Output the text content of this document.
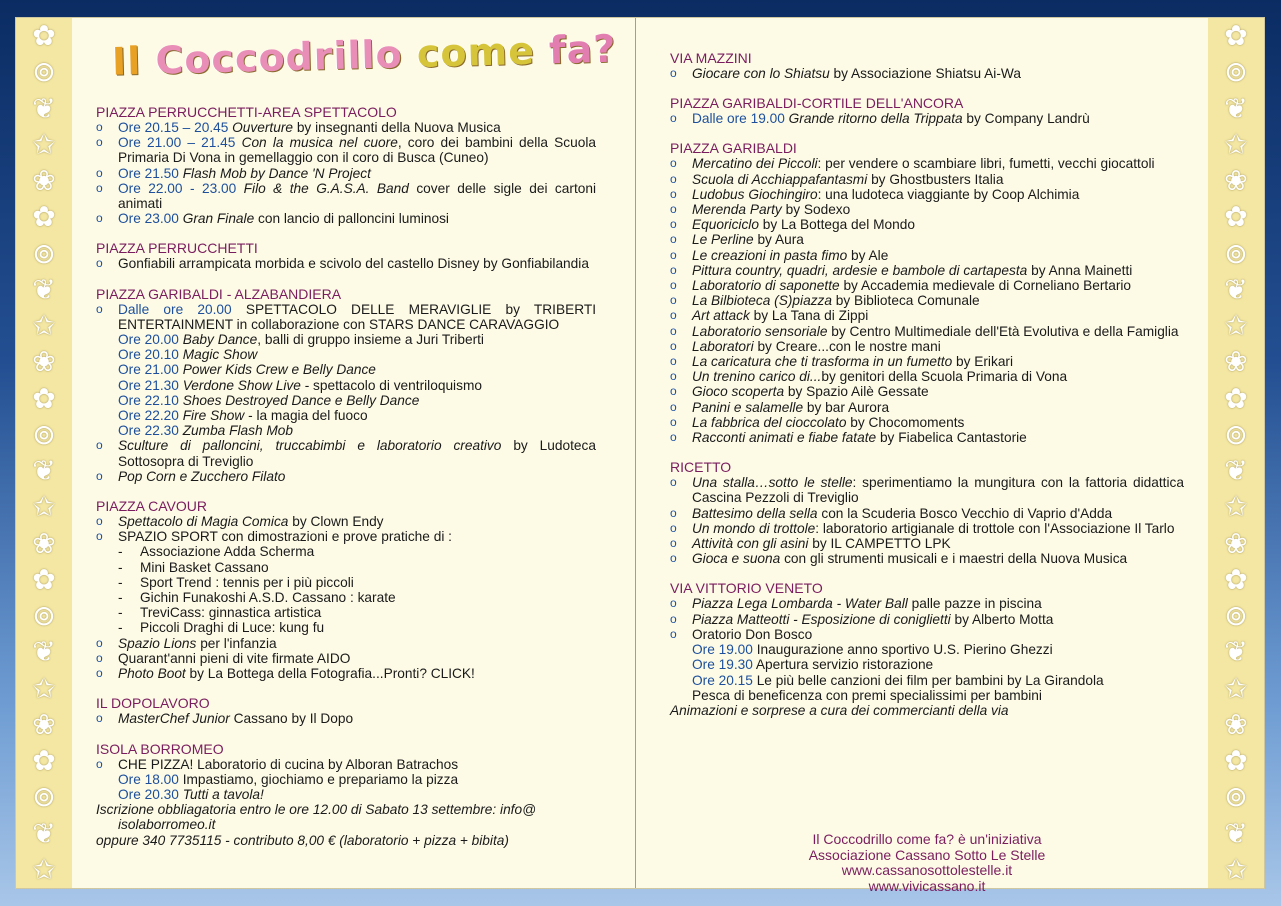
✿
⊚
❦
✩
❀
✿
⊚
❦
✩
❀
✿
⊚
❦
✩
❀
✿
⊚
❦
✩
❀
✿
⊚
❦
✩
✿
⊚
❦
✩
❀
✿
⊚
❦
✩
❀
✿
⊚
❦
✩
❀
✿
⊚
❦
✩
❀
✿
⊚
❦
✩
Il Coccodrillo come fa?
PIAZZA PERRUCCHETTI-AREA SPETTACOLO
o Ore 20.15 – 20.45 Ouverture by insegnanti della Nuova Musica
o Ore 21.00 – 21.45 Con la musica nel cuore, coro dei bambini della Scuola Primaria Di Vona in gemellaggio con il coro di Busca (Cuneo)
o Ore 21.50 Flash Mob by Dance 'N Project
o Ore 22.00 - 23.00 Filo & the G.A.S.A. Band cover delle sigle dei cartoni animati
o Ore 23.00 Gran Finale con lancio di palloncini luminosi
PIAZZA PERRUCCHETTI
o Gonfiabili arrampicata morbida e scivolo del castello Disney by Gonfiabilandia
PIAZZA GARIBALDI - ALZABANDIERA
o Dalle ore 20.00 SPETTACOLO DELLE MERAVIGLIE by TRIBERTI ENTERTAINMENT in collaborazione con STARS DANCE CARAVAGGIO
Ore 20.00 Baby Dance, balli di gruppo insieme a Juri Triberti
Ore 20.10 Magic Show
Ore 21.00 Power Kids Crew e Belly Dance
Ore 21.30 Verdone Show Live - spettacolo di ventriloquismo
Ore 22.10 Shoes Destroyed Dance e Belly Dance
Ore 22.20 Fire Show - la magia del fuoco
Ore 22.30 Zumba Flash Mob
o Sculture di palloncini, truccabimbi e laboratorio creativo by Ludoteca Sottosopra di Treviglio
o Pop Corn e Zucchero Filato
PIAZZA CAVOUR
o Spettacolo di Magia Comica by Clown Endy
o SPAZIO SPORT con dimostrazioni e prove pratiche di :
- Associazione Adda Scherma
- Mini Basket Cassano
- Sport Trend : tennis per i più piccoli
- Gichin Funakoshi A.S.D. Cassano : karate
- TreviCass: ginnastica artistica
- Piccoli Draghi di Luce: kung fu
o Spazio Lions per l'infanzia
o Quarant'anni pieni di vite firmate AIDO
o Photo Boot by La Bottega della Fotografia...Pronti? CLICK!
IL DOPOLAVORO
o MasterChef Junior Cassano by Il Dopo
ISOLA BORROMEO
o CHE PIZZA! Laboratorio di cucina by Alboran Batrachos
Ore 18.00 Impastiamo, giochiamo e prepariamo la pizza
Ore 20.30 Tutti a tavola!
Iscrizione obbliagatoria entro le ore 12.00 di Sabato 13 settembre: info@
isolaborromeo.it
oppure 340 7735115 - contributo 8,00 € (laboratorio + pizza + bibita)
VIA MAZZINI
o Giocare con lo Shiatsu by Associazione Shiatsu Ai-Wa
PIAZZA GARIBALDI-CORTILE DELL'ANCORA
o Dalle ore 19.00 Grande ritorno della Trippata by Company Landrù
PIAZZA GARIBALDI
o Mercatino dei Piccoli: per vendere o scambiare libri, fumetti, vecchi giocattoli
o Scuola di Acchiappafantasmi by Ghostbusters Italia
o Ludobus Giochingiro: una ludoteca viaggiante by Coop Alchimia
o Merenda Party by Sodexo
o Equoriciclo by La Bottega del Mondo
o Le Perline by Aura
o Le creazioni in pasta fimo by Ale
o Pittura country, quadri, ardesie e bambole di cartapesta by Anna Mainetti
o Laboratorio di saponette by Accademia medievale di Corneliano Bertario
o La Bilbioteca (S)piazza by Biblioteca Comunale
o Art attack by La Tana di Zippi
o Laboratorio sensoriale by Centro Multimediale dell'Età Evolutiva e della Famiglia
o Laboratori by Creare...con le nostre mani
o La caricatura che ti trasforma in un fumetto by Erikari
o Un trenino carico di...by genitori della Scuola Primaria di Vona
o Gioco scoperta by Spazio Ailè Gessate
o Panini e salamelle by bar Aurora
o La fabbrica del cioccolato by Chocomoments
o Racconti animati e fiabe fatate by Fiabelica Cantastorie
RICETTO
o Una stalla…sotto le stelle: sperimentiamo la mungitura con la fattoria didattica Cascina Pezzoli di Treviglio
o Battesimo della sella con la Scuderia Bosco Vecchio di Vaprio d'Adda
o Un mondo di trottole: laboratorio artigianale di trottole con l'Associazione Il Tarlo
o Attività con gli asini by IL CAMPETTO LPK
o Gioca e suona con gli strumenti musicali e i maestri della Nuova Musica
VIA VITTORIO VENETO
o Piazza Lega Lombarda - Water Ball palle pazze in piscina
o Piazza Matteotti - Esposizione di coniglietti by Alberto Motta
o Oratorio Don Bosco
Ore 19.00 Inaugurazione anno sportivo U.S. Pierino Ghezzi
Ore 19.30 Apertura servizio ristorazione
Ore 20.15 Le più belle canzioni dei film per bambini by La Girandola
Pesca di beneficenza con premi specialissimi per bambini
Animazioni e sorprese a cura dei commercianti della via
Il Coccodrillo come fa? è un'iniziativa
Associazione Cassano Sotto Le Stelle
www.cassanosottolestelle.it
www.vivicassano.it
